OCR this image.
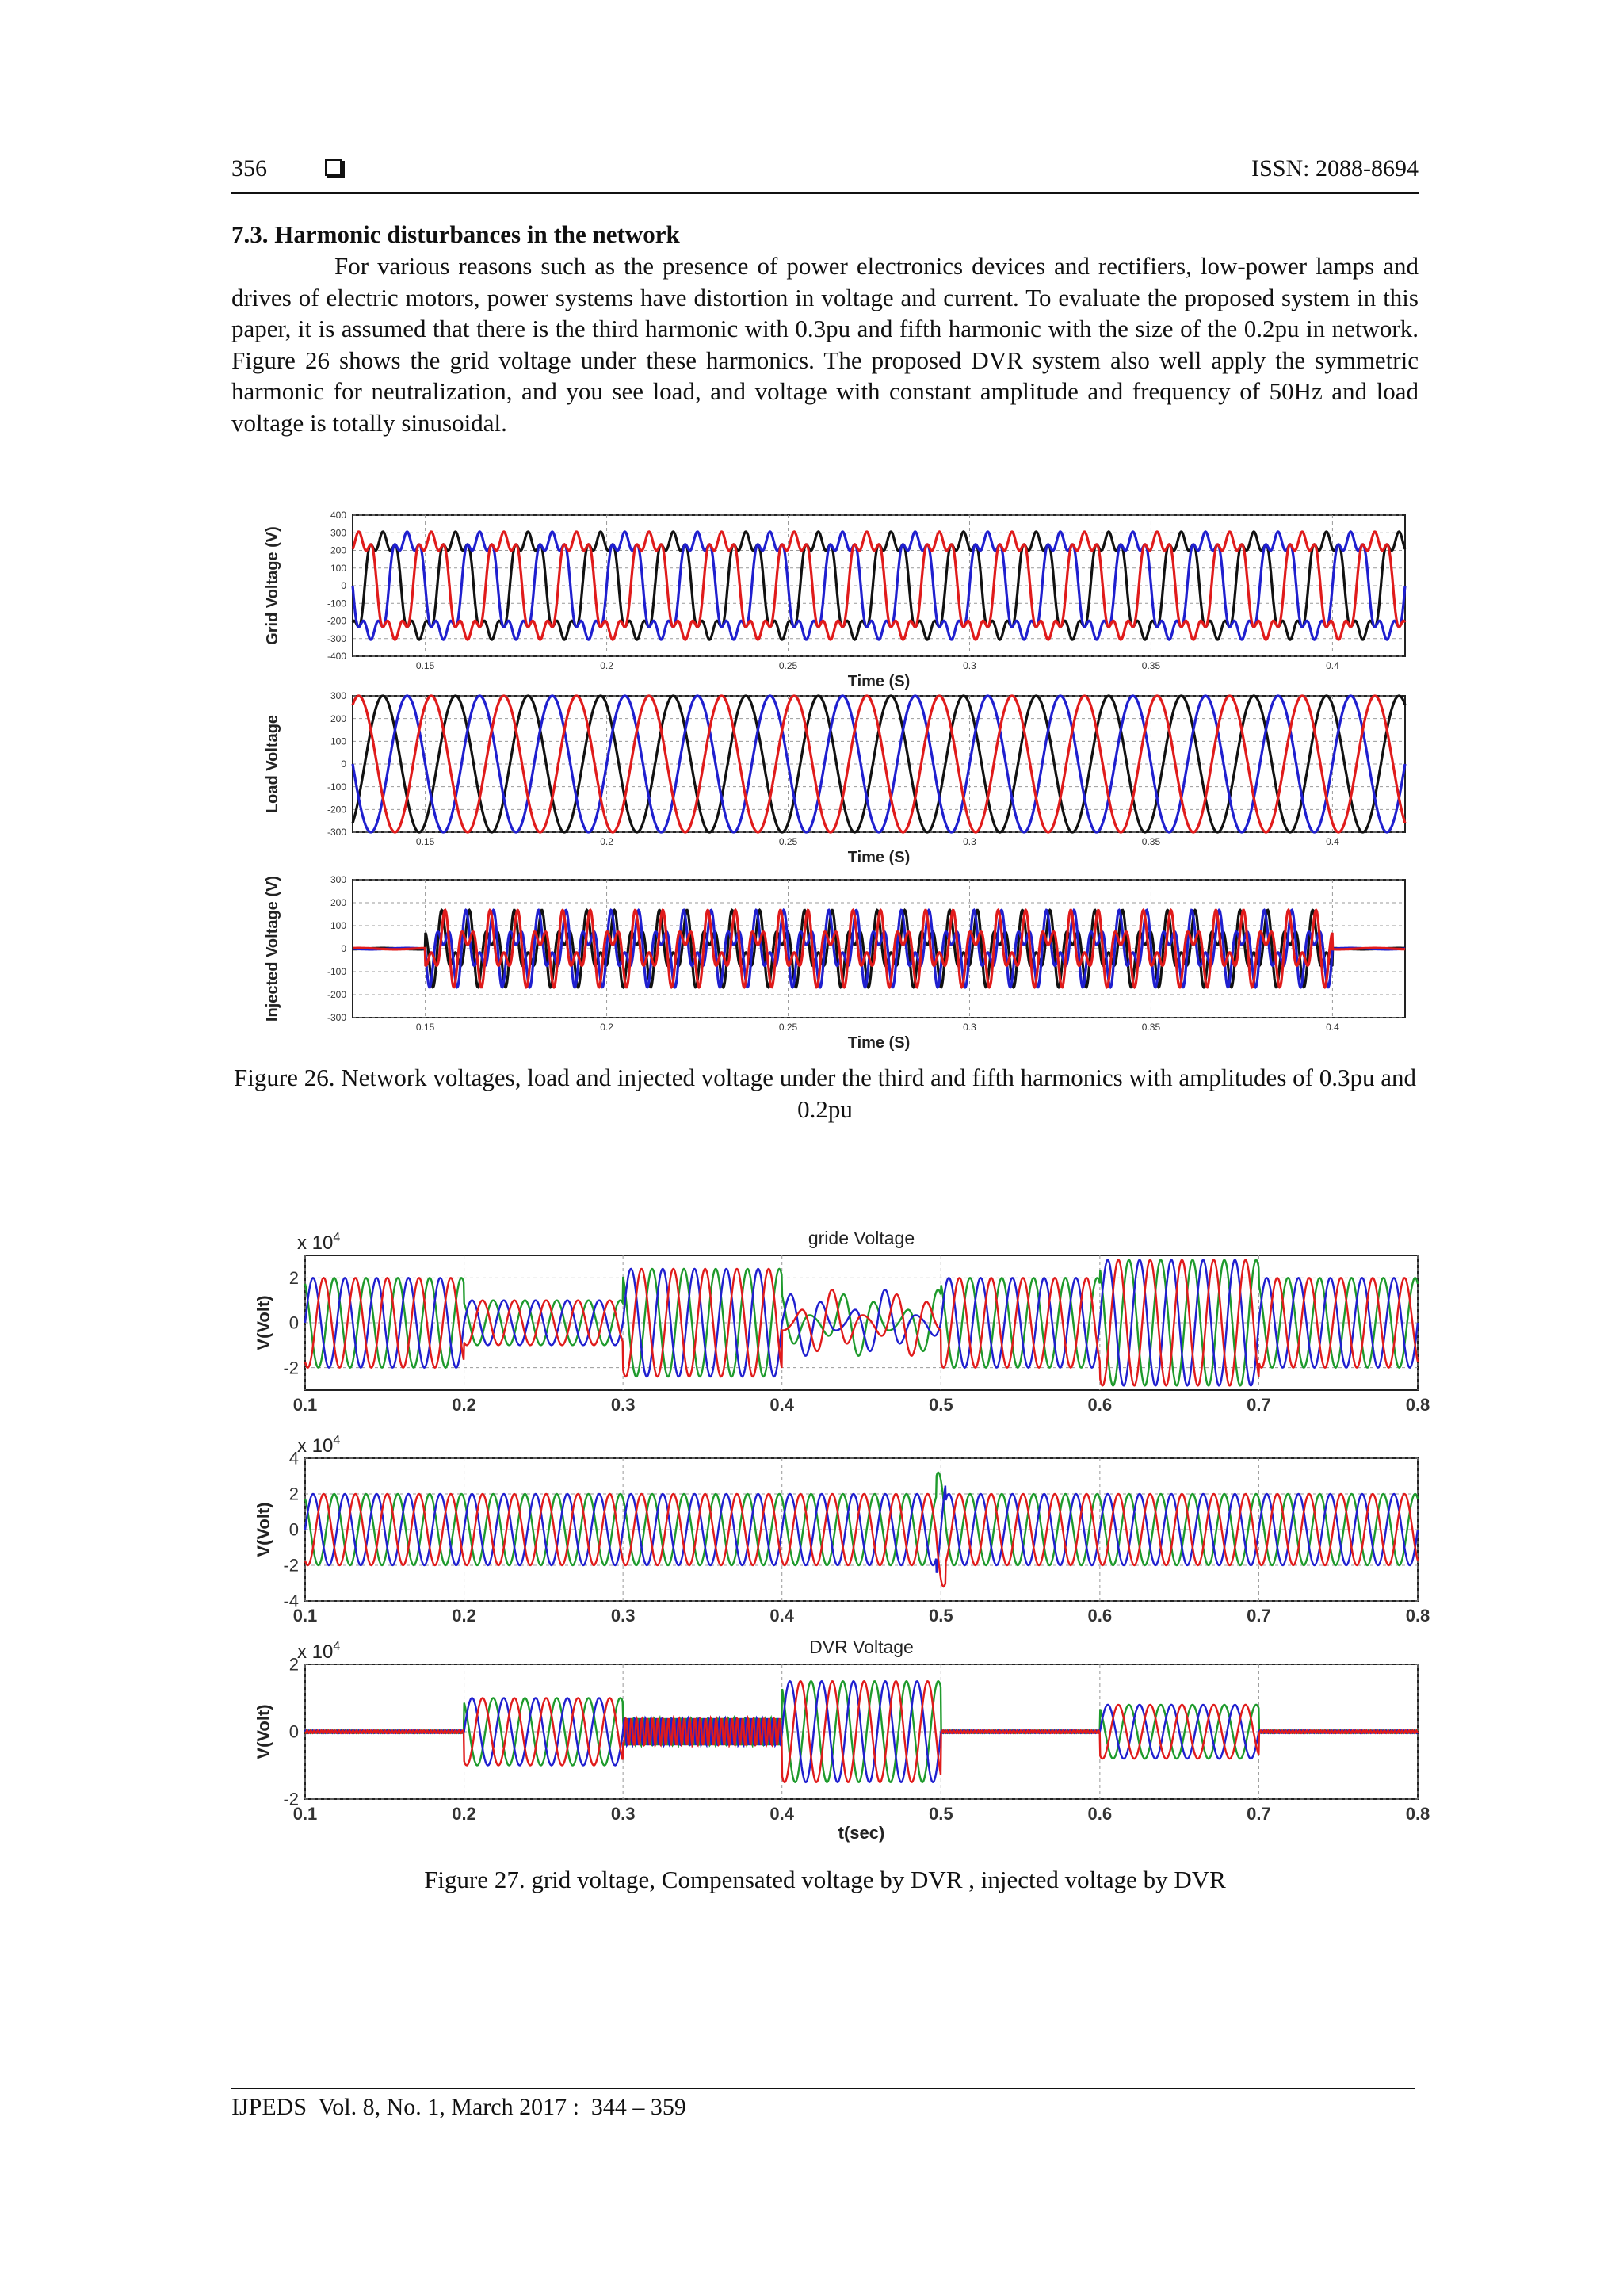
356	ISSN: 2088-8694
7.3. Harmonic disturbances in the network

For various reasons such as the presence of power electronics devices and rectifiers, low-power lamps and drives of electric motors, power systems have distortion in voltage and current. To evaluate the proposed system in this paper, it is assumed that there is the third harmonic with 0.3pu and fifth harmonic with the size of the 0.2pu in network. Figure 26 shows the grid voltage under these harmonics. The proposed DVR system also well apply the symmetric harmonic for neutralization, and you see load, and voltage with constant amplitude and frequency of 50Hz and load voltage is totally sinusoidal.

400
300
200
100
0
-100
-200
-300
-400
0.15	0.2	0.25	0.3	0.35	0.4
Grid Voltage (V)
Time (S)
300
200
100
0
-100
-200
-300
0.15	0.2	0.25	0.3	0.35	0.4
Load Voltage
Time (S)
300
200
100
0
-100
-200
-300
0.15	0.2	0.25	0.3	0.35	0.4
Injected Voltage (V)
Time (S)
Figure 26. Network voltages, load and injected voltage under the third and fifth harmonics with amplitudes of 0.3pu and 0.2pu
2
0
-2
0.1	0.2	0.3	0.4	0.5	0.6	0.7	0.8
V(Volt)
gride Voltage
x $10^4$
4
2
0
-2
-4
0.1	0.2	0.3	0.4	0.5	0.6	0.7	0.8
V(Volt)
x $10^4$
2
0
-2
0.1	0.2	0.3	0.4	0.5	0.6	0.7	0.8
V(Volt)
t(sec)
DVR Voltage
x $10^4$
Figure 27. grid voltage, Compensated voltage by DVR , injected voltage by DVR
IJPEDS  Vol. 8, No. 1, March 2017 :  344 – 359
